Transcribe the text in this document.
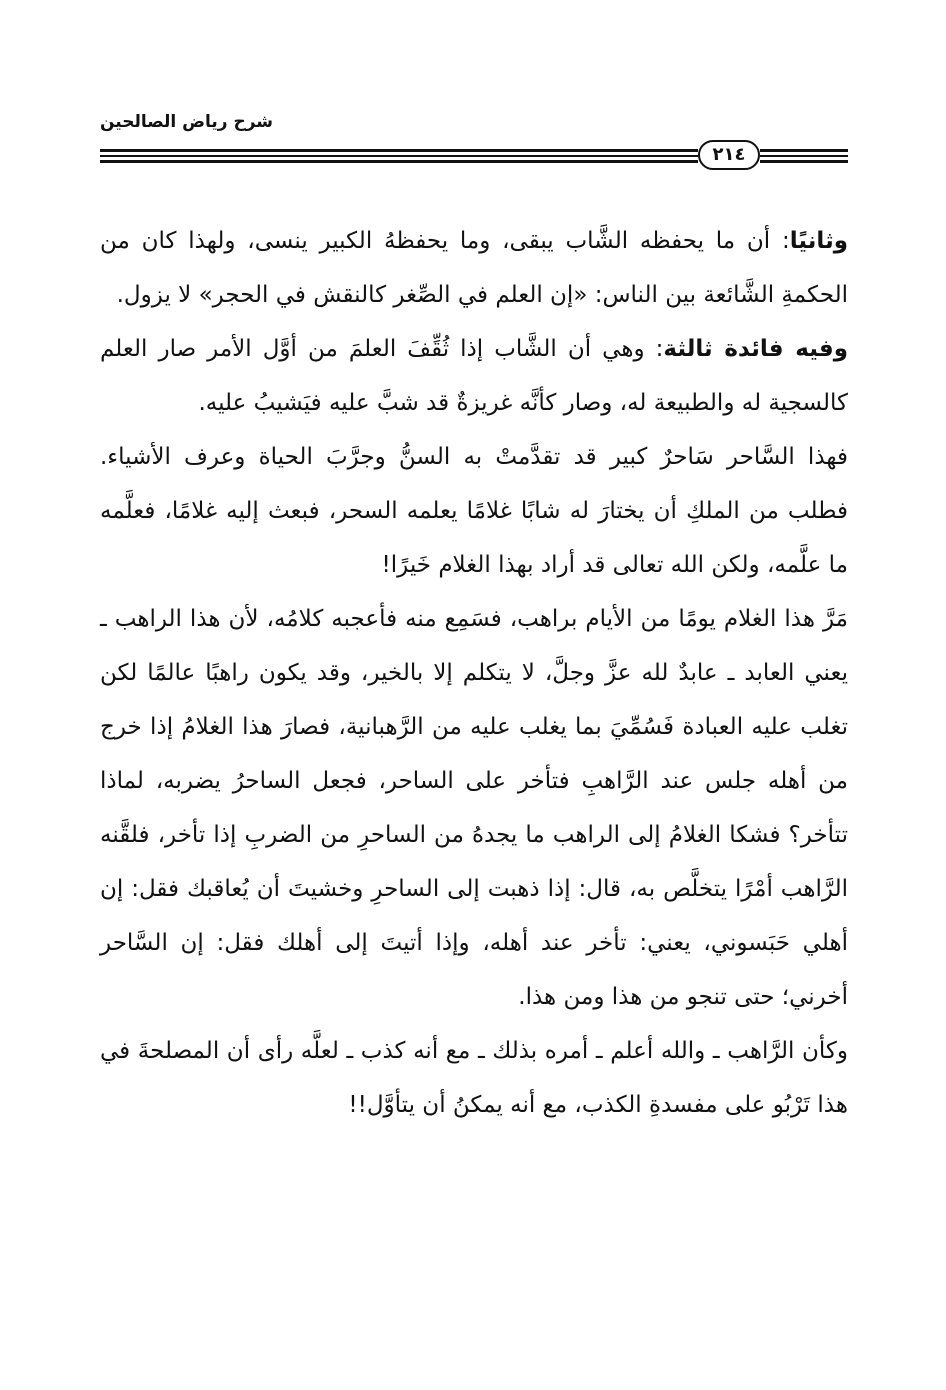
شرح رياض الصالحين
٢١٤

وثانيًا: أن ما يحفظه الشَّاب يبقى، وما يحفظهُ الكبير ينسى، ولهذا كان من الحكمةِ الشَّائعة بين الناس: «إن العلم في الصِّغر كالنقش في الحجر» لا يزول.

وفيه فائدة ثالثة: وهي أن الشَّاب إذا ثُقِّفَ العلمَ من أوَّل الأمر صار العلم كالسجية له والطبيعة له، وصار كأنَّه غريزةٌ قد شبَّ عليه فيَشيبُ عليه.

فهذا السَّاحر سَاحرٌ كبير قد تقدَّمتْ به السنُّ وجرَّبَ الحياة وعرف الأشياء. فطلب من الملكِ أن يختارَ له شابًا غلامًا يعلمه السحر، فبعث إليه غلامًا، فعلَّمه ما علَّمه، ولكن الله تعالى قد أراد بهذا الغلام خَيرًا!

مَرَّ هذا الغلام يومًا من الأيام براهب، فسَمِع منه فأعجبه كلامُه، لأن هذا الراهب ـ يعني العابد ـ عابدٌ لله عزَّ وجلَّ، لا يتكلم إلا بالخير، وقد يكون راهبًا عالمًا لكن تغلب عليه العبادة فَسُمِّيَ بما يغلب عليه من الرَّهبانية، فصارَ هذا الغلامُ إذا خرج من أهله جلس عند الرَّاهبِ فتأخر على الساحر، فجعل الساحرُ يضربه، لماذا تتأخر؟ فشكا الغلامُ إلى الراهب ما يجدهُ من الساحرِ من الضربِ إذا تأخر، فلقَّنه الرَّاهب أمْرًا يتخلَّص به، قال: إذا ذهبت إلى الساحرِ وخشيتَ أن يُعاقبك فقل: إن أهلي حَبَسوني، يعني: تأخر عند أهله، وإذا أتيتَ إلى أهلك فقل: إن السَّاحر أخرني؛ حتى تنجو من هذا ومن هذا.

وكأن الرَّاهب ـ والله أعلم ـ أمره بذلك ـ مع أنه كذب ـ لعلَّه رأى أن المصلحةَ في هذا تَرْبُو على مفسدةِ الكذب، مع أنه يمكنُ أن يتأوَّل!!
